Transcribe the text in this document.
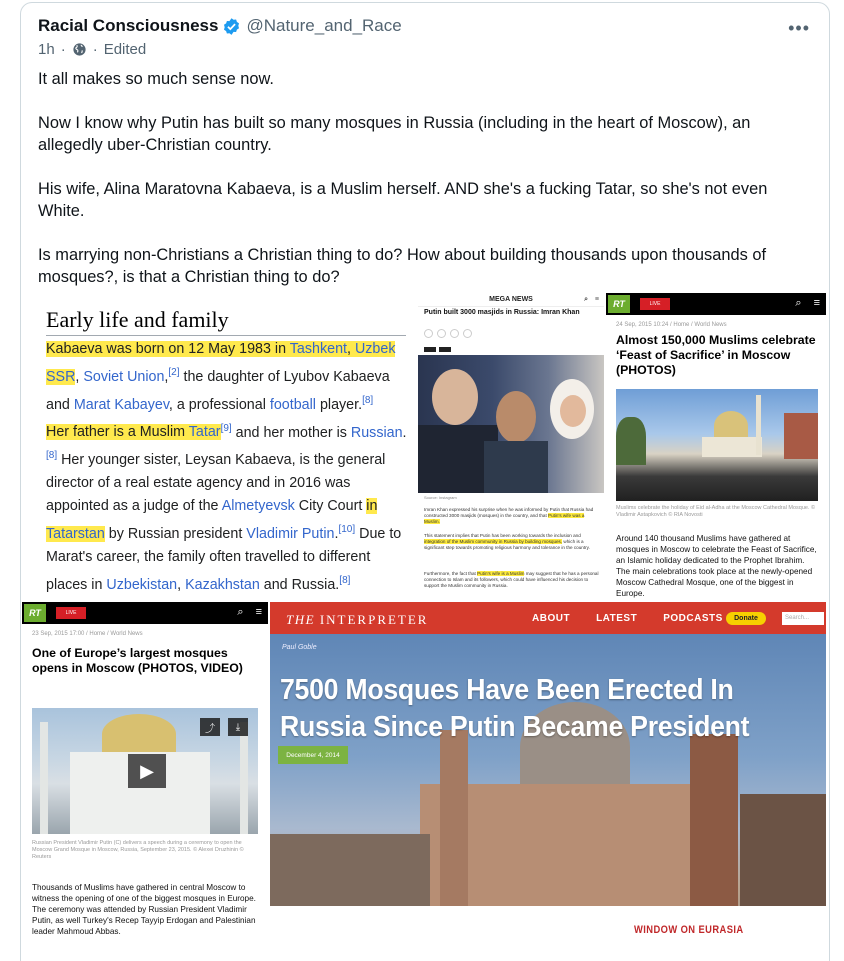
Racial Consciousness @Nature_and_Race	•••
1h · · Edited

It all makes so much sense now.

Now I know why Putin has built so many mosques in Russia (including in the heart of Moscow), an allegedly uber-Christian country.

His wife, Alina Maratovna Kabaeva, is a Muslim herself. AND she's a fucking Tatar, so she's not even White.

Is marrying non-Christians a Christian thing to do? How about building thousands upon thousands of mosques?, is that a Christian thing to do?

Early life and family
Kabaeva was born on 12 May 1983 in Tashkent, Uzbek SSR, Soviet Union,[2] the daughter of Lyubov Kabaeva and Marat Kabayev, a professional football player.[8]
Her father is a Muslim Tatar[9] and her mother is Russian.[8] Her younger sister, Leysan Kabaeva, is the general director of a real estate agency and in 2016 was appointed as a judge of the Almetyevsk City Court in Tatarstan by Russian president Vladimir Putin.[10] Due to Marat's career, the family often travelled to different places in Uzbekistan, Kazakhstan and Russia.[8]
MEGA NEWS	⌕ ≡
Putin built 3000 masjids in Russia: Imran Khan
Source: Instagram
Imran Khan expressed his surprise when he was informed by Putin that Russia had constructed 3000 masjids (mosques) in the country, and that Putin's wife was a Muslim.
This statement implies that Putin has been working towards the inclusion and integration of the Muslim community in Russia by building mosques, which is a significant step towards promoting religious harmony and tolerance in the country.
Furthermore, the fact that Putin's wife is a Muslim may suggest that he has a personal connection to Islam and its followers, which could have influenced his decision to support the Muslim community in Russia.
RT	LIVE	⌕ ≡
24 Sep, 2015 10:24 / Home / World News
Almost 150,000 Muslims celebrate ‘Feast of Sacrifice’ in Moscow (PHOTOS)
Muslims celebrate the holiday of Eid al-Adha at the Moscow Cathedral Mosque. © Vladimir Astapkovich © RIA Novosti
Around 140 thousand Muslims have gathered at mosques in Moscow to celebrate the Feast of Sacrifice, an Islamic holiday dedicated to the Prophet Ibrahim. The main celebrations took place at the newly-opened Moscow Cathedral Mosque, one of the biggest in Europe.
RT	LIVE	⌕ ≡
23 Sep, 2015 17:00 / Home / World News
One of Europe’s largest mosques opens in Moscow (PHOTOS, VIDEO)
▶
⤴	⤓
Russian President Vladimir Putin (C) delivers a speech during a ceremony to open the Moscow Grand Mosque in Moscow, Russia, September 23, 2015. © Alexei Druzhinin © Reuters
Thousands of Muslims have gathered in central Moscow to witness the opening of one of the biggest mosques in Europe. The ceremony was attended by Russian President Vladimir Putin, as well Turkey's Recep Tayyip Erdogan and Palestinian leader Mahmoud Abbas.
THE INTERPRETER	ABOUT	LATEST	PODCASTS	Donate	Search...
Paul Goble
7500 Mosques Have Been Erected In Russia Since Putin Became President
December 4, 2014
WINDOW ON EURASIA
